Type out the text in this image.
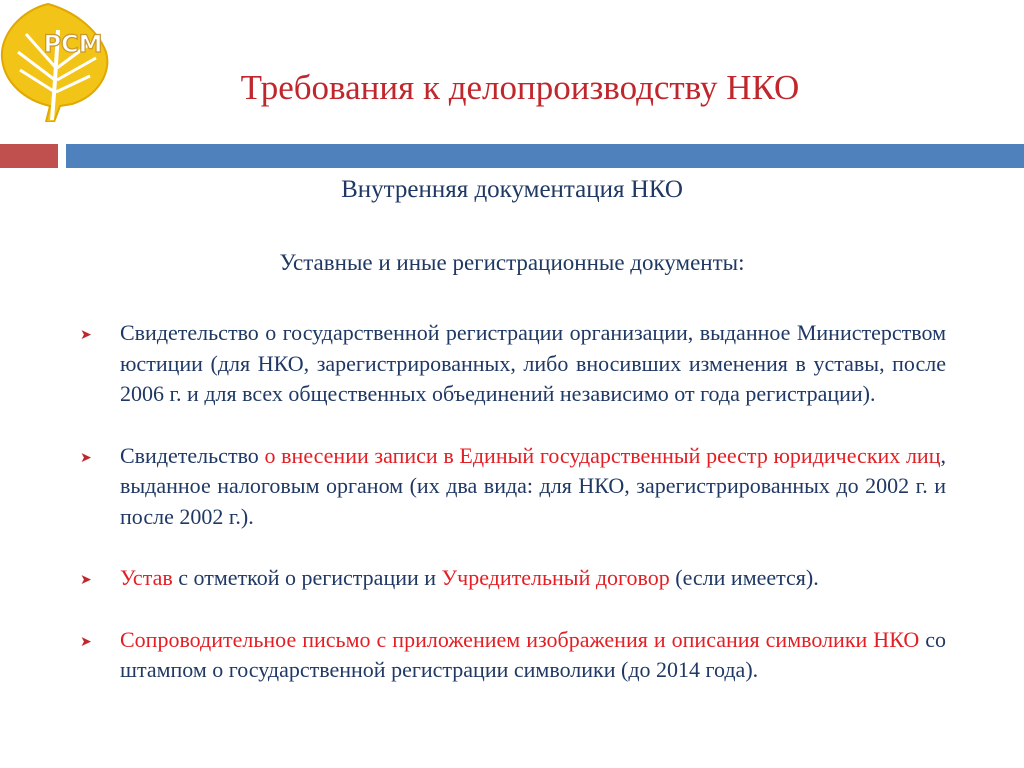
РСМ
Требования к делопроизводству НКО
Внутренняя документация НКО
Уставные и иные регистрационные документы:
➤ Свидетельство о государственной регистрации организации, выданное Министерством юстиции (для НКО, зарегистрированных, либо вносивших изменения в уставы, после 2006 г. и для всех общественных объединений независимо от года регистрации).
➤ Свидетельство о внесении записи в Единый государственный реестр юридических лиц, выданное налоговым органом (их два вида: для НКО, зарегистрированных до 2002 г. и после 2002 г.).
➤ Устав с отметкой о регистрации и Учредительный договор (если имеется).
➤ Сопроводительное письмо с приложением изображения и описания символики НКО со штампом о государственной регистрации символики (до 2014 года).
